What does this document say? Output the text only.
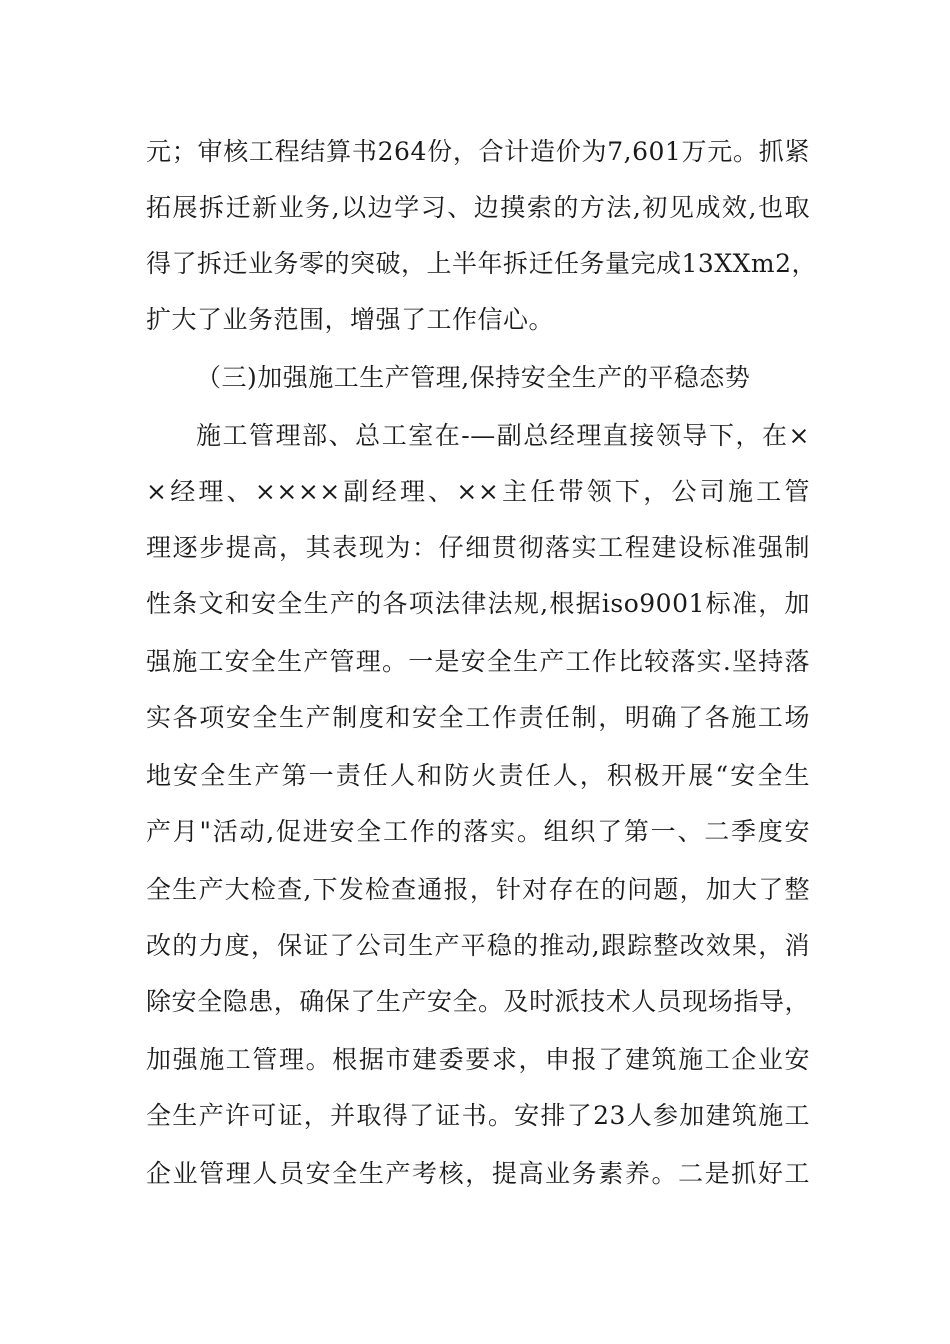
元；审核工程结算书264份，合计造价为7,601万元。抓紧
拓展拆迁新业务,以边学习、边摸索的方法,初见成效,也取
得了拆迁业务零的突破，上半年拆迁任务量完成13XXm2，
扩大了业务范围，增强了工作信心。
（三)加强施工生产管理,保持安全生产的平稳态势
施工管理部、总工室在-—副总经理直接领导下，在×
×经理、××××副经理、××主任带领下，公司施工管
理逐步提高，其表现为：仔细贯彻落实工程建设标准强制
性条文和安全生产的各项法律法规,根据iso9001标准，加
强施工安全生产管理。一是安全生产工作比较落实.坚持落
实各项安全生产制度和安全工作责任制，明确了各施工场
地安全生产第一责任人和防火责任人，积极开展“安全生
产月"活动,促进安全工作的落实。组织了第一、二季度安
全生产大检查,下发检查通报，针对存在的问题，加大了整
改的力度，保证了公司生产平稳的推动,跟踪整改效果，消
除安全隐患，确保了生产安全。及时派技术人员现场指导，
加强施工管理。根据市建委要求，申报了建筑施工企业安
全生产许可证，并取得了证书。安排了23人参加建筑施工
企业管理人员安全生产考核，提高业务素养。二是抓好工
